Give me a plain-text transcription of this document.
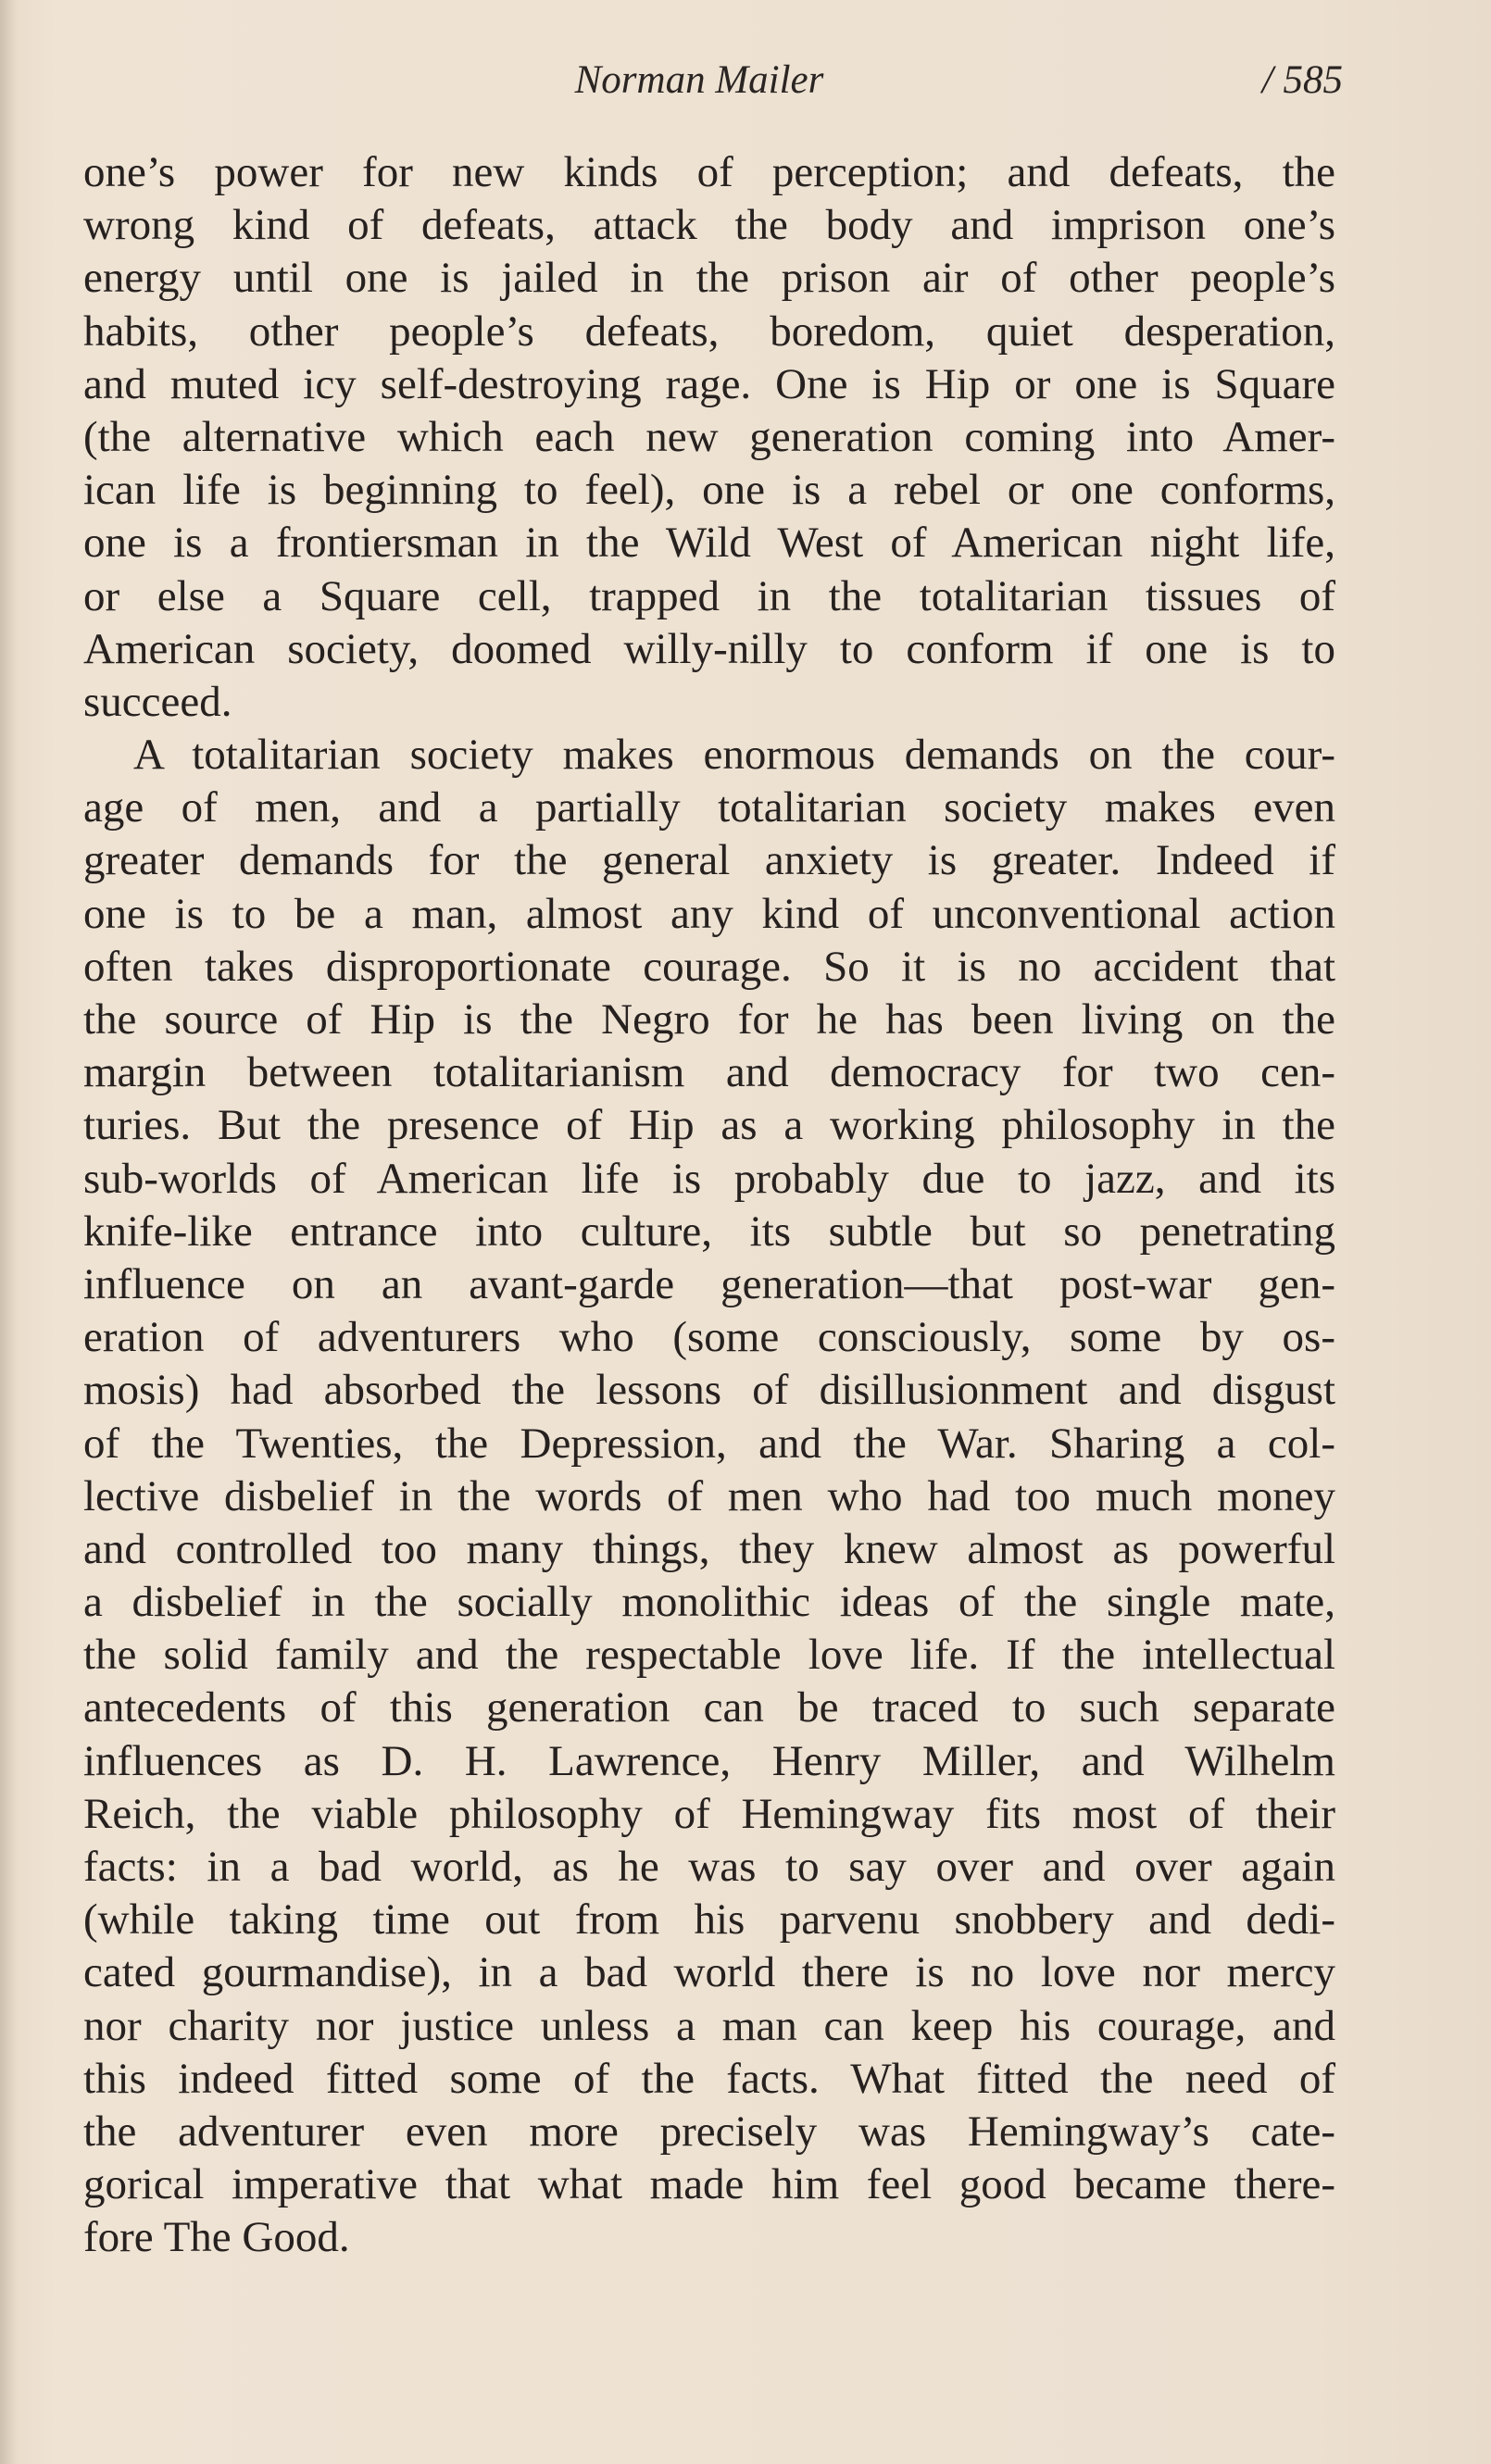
Norman Mailer	/ 585
one’s power for new kinds of perception; and defeats, the
wrong kind of defeats, attack the body and imprison one’s
energy until one is jailed in the prison air of other people’s
habits, other people’s defeats, boredom, quiet desperation,
and muted icy self-destroying rage. One is Hip or one is Square
(the alternative which each new generation coming into Amer-
ican life is beginning to feel), one is a rebel or one conforms,
one is a frontiersman in the Wild West of American night life,
or else a Square cell, trapped in the totalitarian tissues of
American society, doomed willy-nilly to conform if one is to
succeed.
A totalitarian society makes enormous demands on the cour-
age of men, and a partially totalitarian society makes even
greater demands for the general anxiety is greater. Indeed if
one is to be a man, almost any kind of unconventional action
often takes disproportionate courage. So it is no accident that
the source of Hip is the Negro for he has been living on the
margin between totalitarianism and democracy for two cen-
turies. But the presence of Hip as a working philosophy in the
sub-worlds of American life is probably due to jazz, and its
knife-like entrance into culture, its subtle but so penetrating
influence on an avant-garde generation—that post-war gen-
eration of adventurers who (some consciously, some by os-
mosis) had absorbed the lessons of disillusionment and disgust
of the Twenties, the Depression, and the War. Sharing a col-
lective disbelief in the words of men who had too much money
and controlled too many things, they knew almost as powerful
a disbelief in the socially monolithic ideas of the single mate,
the solid family and the respectable love life. If the intellectual
antecedents of this generation can be traced to such separate
influences as D. H. Lawrence, Henry Miller, and Wilhelm
Reich, the viable philosophy of Hemingway fits most of their
facts: in a bad world, as he was to say over and over again
(while taking time out from his parvenu snobbery and dedi-
cated gourmandise), in a bad world there is no love nor mercy
nor charity nor justice unless a man can keep his courage, and
this indeed fitted some of the facts. What fitted the need of
the adventurer even more precisely was Hemingway’s cate-
gorical imperative that what made him feel good became there-
fore The Good.
